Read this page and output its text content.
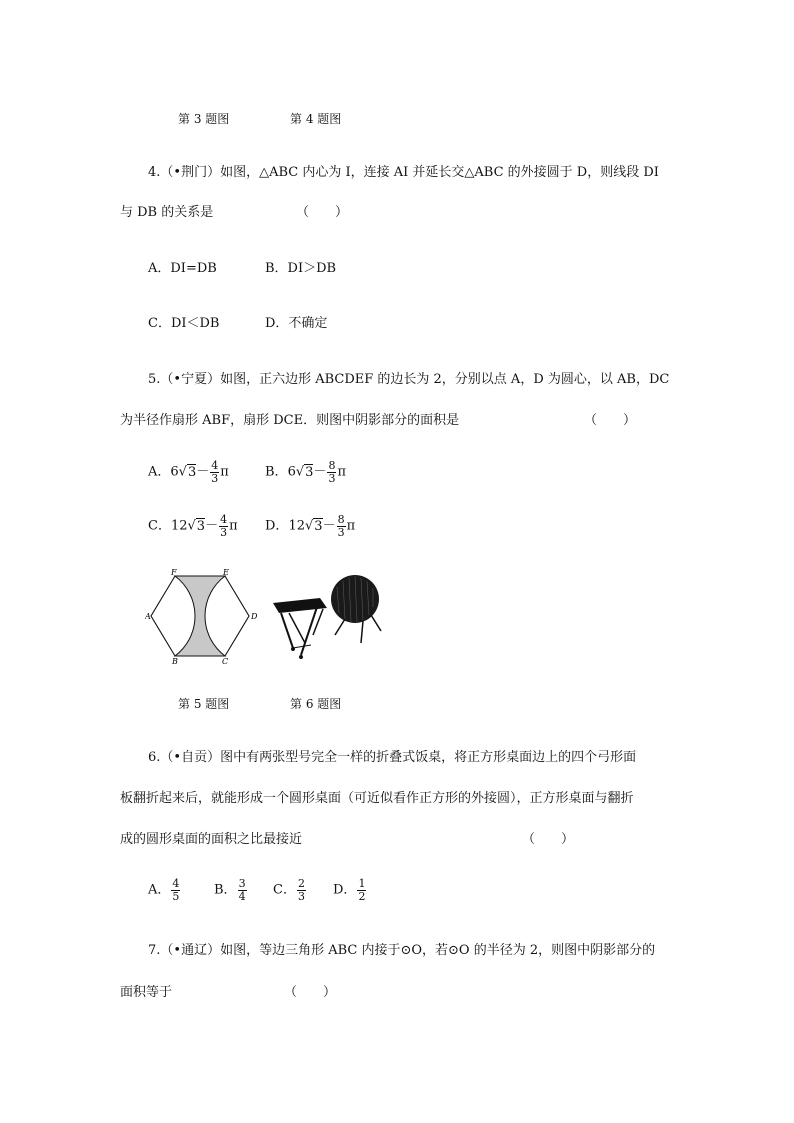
第 3 题图	第 4 题图
4.（•荆门）如图，△ABC 内心为 I，连接 AI 并延长交△ABC 的外接圆于 D，则线段 DI
与 DB 的关系是	（　　）
A．DI=DB	B．DI＞DB
C．DI＜DB	D．不确定
5.（•宁夏）如图，正六边形 ABCDEF 的边长为 2，分别以点 A，D 为圆心，以 AB，DC
为半径作扇形 ABF，扇形 DCE．则图中阴影部分的面积是	（　　）
A．$6√3- \frac{4}{3}$ π	B．$6√3- \frac{8}{3}$ π
C．$12√3- \frac{4}{3}$ π D．$12√3- \frac{8}{3}$ π
F	E
A	D
B	C
第 5 题图	第 6 题图
6.（•自贡）图中有两张型号完全一样的折叠式饭桌，将正方形桌面边上的四个弓形面
板翻折起来后，就能形成一个圆形桌面（可近似看作正方形的外接圆），正方形桌面与翻折
成的圆形桌面的面积之比最接近	（　　）
A． $\frac{4}{5}$	B． $\frac{3}{4}$ C． $\frac{2}{3}$ D． $\frac{1}{2}$
7.（•通辽）如图，等边三角形 ABC 内接于⊙O，若⊙O 的半径为 2，则图中阴影部分的
面积等于	（　　）
